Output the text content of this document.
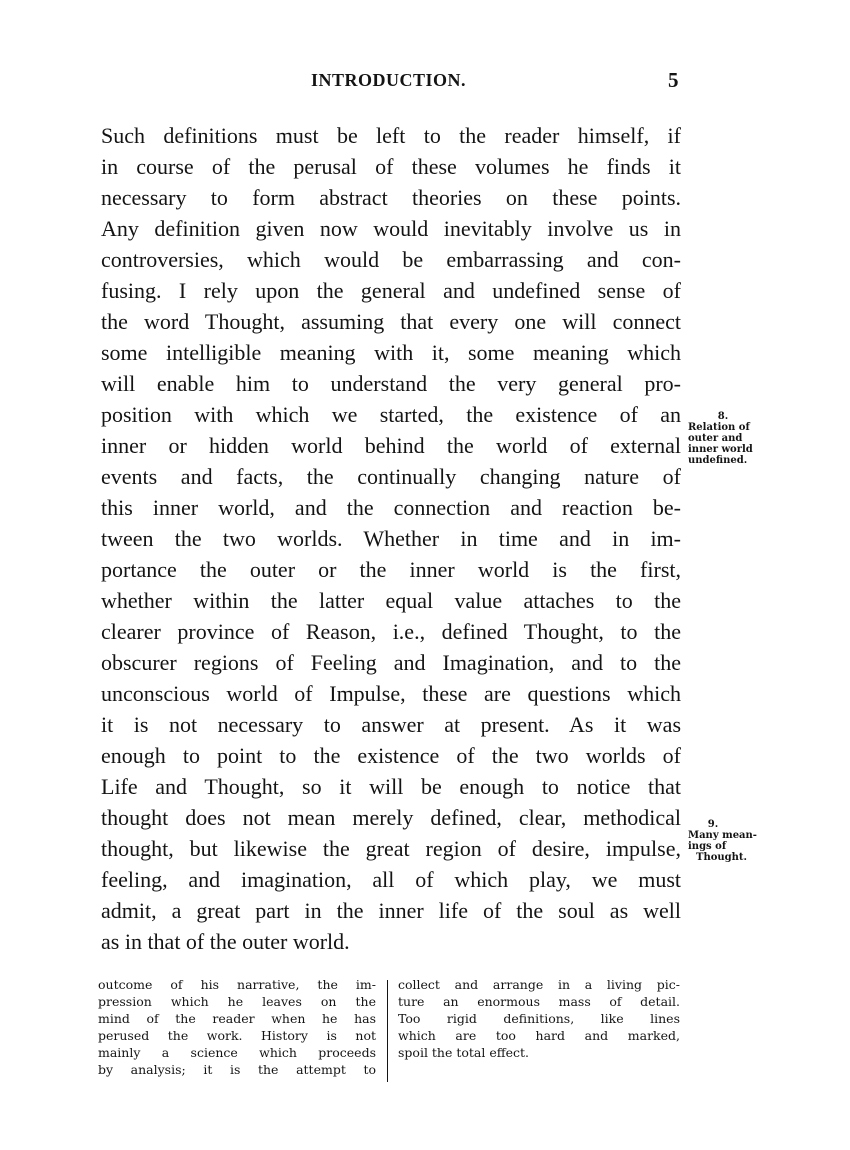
INTRODUCTION.	5
Such definitions must be left to the reader himself, if
in course of the perusal of these volumes he finds it
necessary to form abstract theories on these points.
Any definition given now would inevitably involve us in
controversies, which would be embarrassing and con-
fusing. I rely upon the general and undefined sense of
the word Thought, assuming that every one will connect
some intelligible meaning with it, some meaning which
will enable him to understand the very general pro-
position with which we started, the existence of an
inner or hidden world behind the world of external
events and facts, the continually changing nature of
this inner world, and the connection and reaction be-
tween the two worlds. Whether in time and in im-
portance the outer or the inner world is the first,
whether within the latter equal value attaches to the
clearer province of Reason, i.e., defined Thought, to the
obscurer regions of Feeling and Imagination, and to the
unconscious world of Impulse, these are questions which
it is not necessary to answer at present. As it was
enough to point to the existence of the two worlds of
Life and Thought, so it will be enough to notice that
thought does not mean merely defined, clear, methodical
thought, but likewise the great region of desire, impulse,
feeling, and imagination, all of which play, we must
admit, a great part in the inner life of the soul as well
as in that of the outer world.
8.
Relation of
outer and
inner world
undefined.
9.
Many mean-
ings of
Thought.
outcome of his narrative, the im-
pression which he leaves on the
mind of the reader when he has
perused the work. History is not
mainly a science which proceeds
by analysis; it is the attempt to
collect and arrange in a living pic-
ture an enormous mass of detail.
Too rigid definitions, like lines
which are too hard and marked,
spoil the total effect.
